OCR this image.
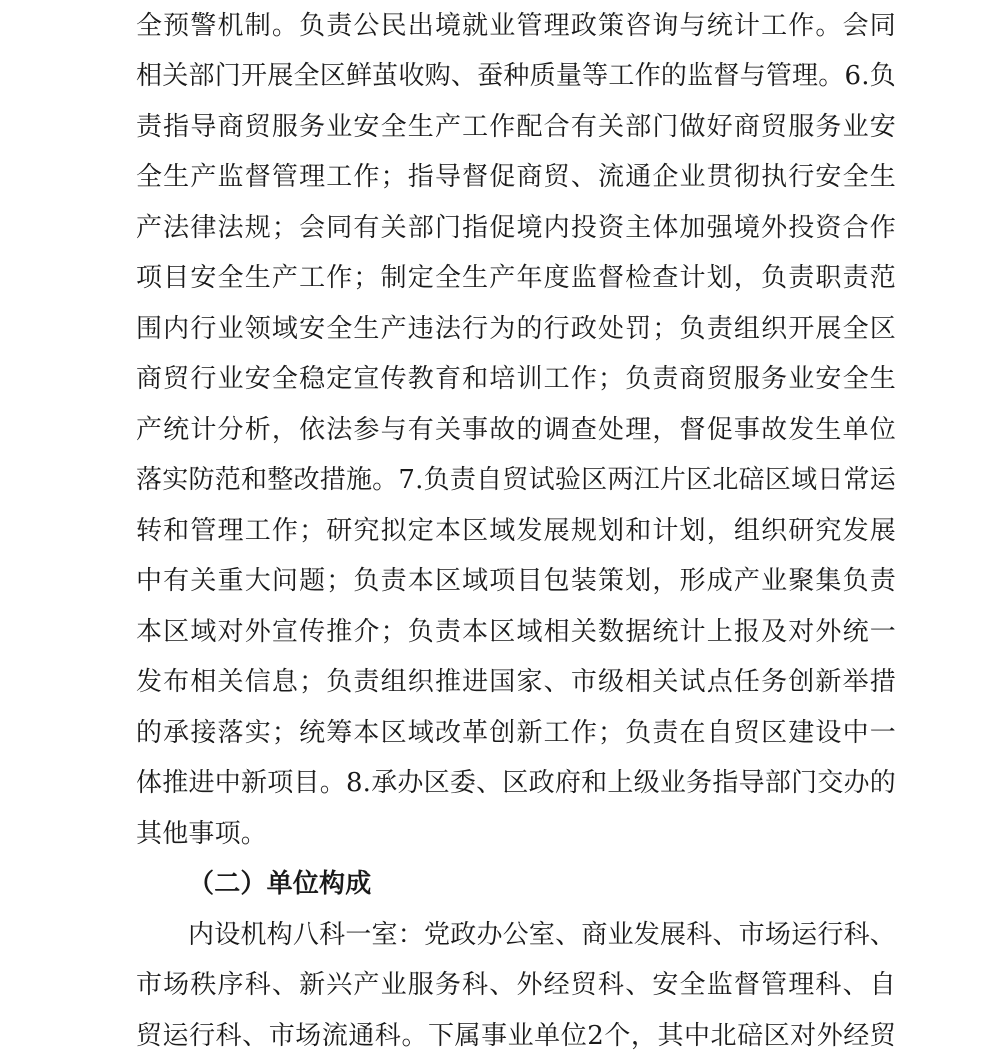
全预警机制。负责公民出境就业管理政策咨询与统计工作。会同
相关部门开展全区鲜茧收购、蚕种质量等工作的监督与管理。6.负
责指导商贸服务业安全生产工作配合有关部门做好商贸服务业安
全生产监督管理工作；指导督促商贸、流通企业贯彻执行安全生
产法律法规；会同有关部门指促境内投资主体加强境外投资合作
项目安全生产工作；制定全生产年度监督检查计划，负责职责范
围内行业领域安全生产违法行为的行政处罚；负责组织开展全区
商贸行业安全稳定宣传教育和培训工作；负责商贸服务业安全生
产统计分析，依法参与有关事故的调查处理，督促事故发生单位
落实防范和整改措施。7.负责自贸试验区两江片区北碚区域日常运
转和管理工作；研究拟定本区域发展规划和计划，组织研究发展
中有关重大问题；负责本区域项目包装策划，形成产业聚集负责
本区域对外宣传推介；负责本区域相关数据统计上报及对外统一
发布相关信息；负责组织推进国家、市级相关试点任务创新举措
的承接落实；统筹本区域改革创新工作；负责在自贸区建设中一
体推进中新项目。8.承办区委、区政府和上级业务指导部门交办的
其他事项。
（二）单位构成
内设机构八科一室：党政办公室、商业发展科、市场运行科、
市场秩序科、新兴产业服务科、外经贸科、安全监督管理科、自
贸运行科、市场流通科。下属事业单位2个，其中北碚区对外经贸
